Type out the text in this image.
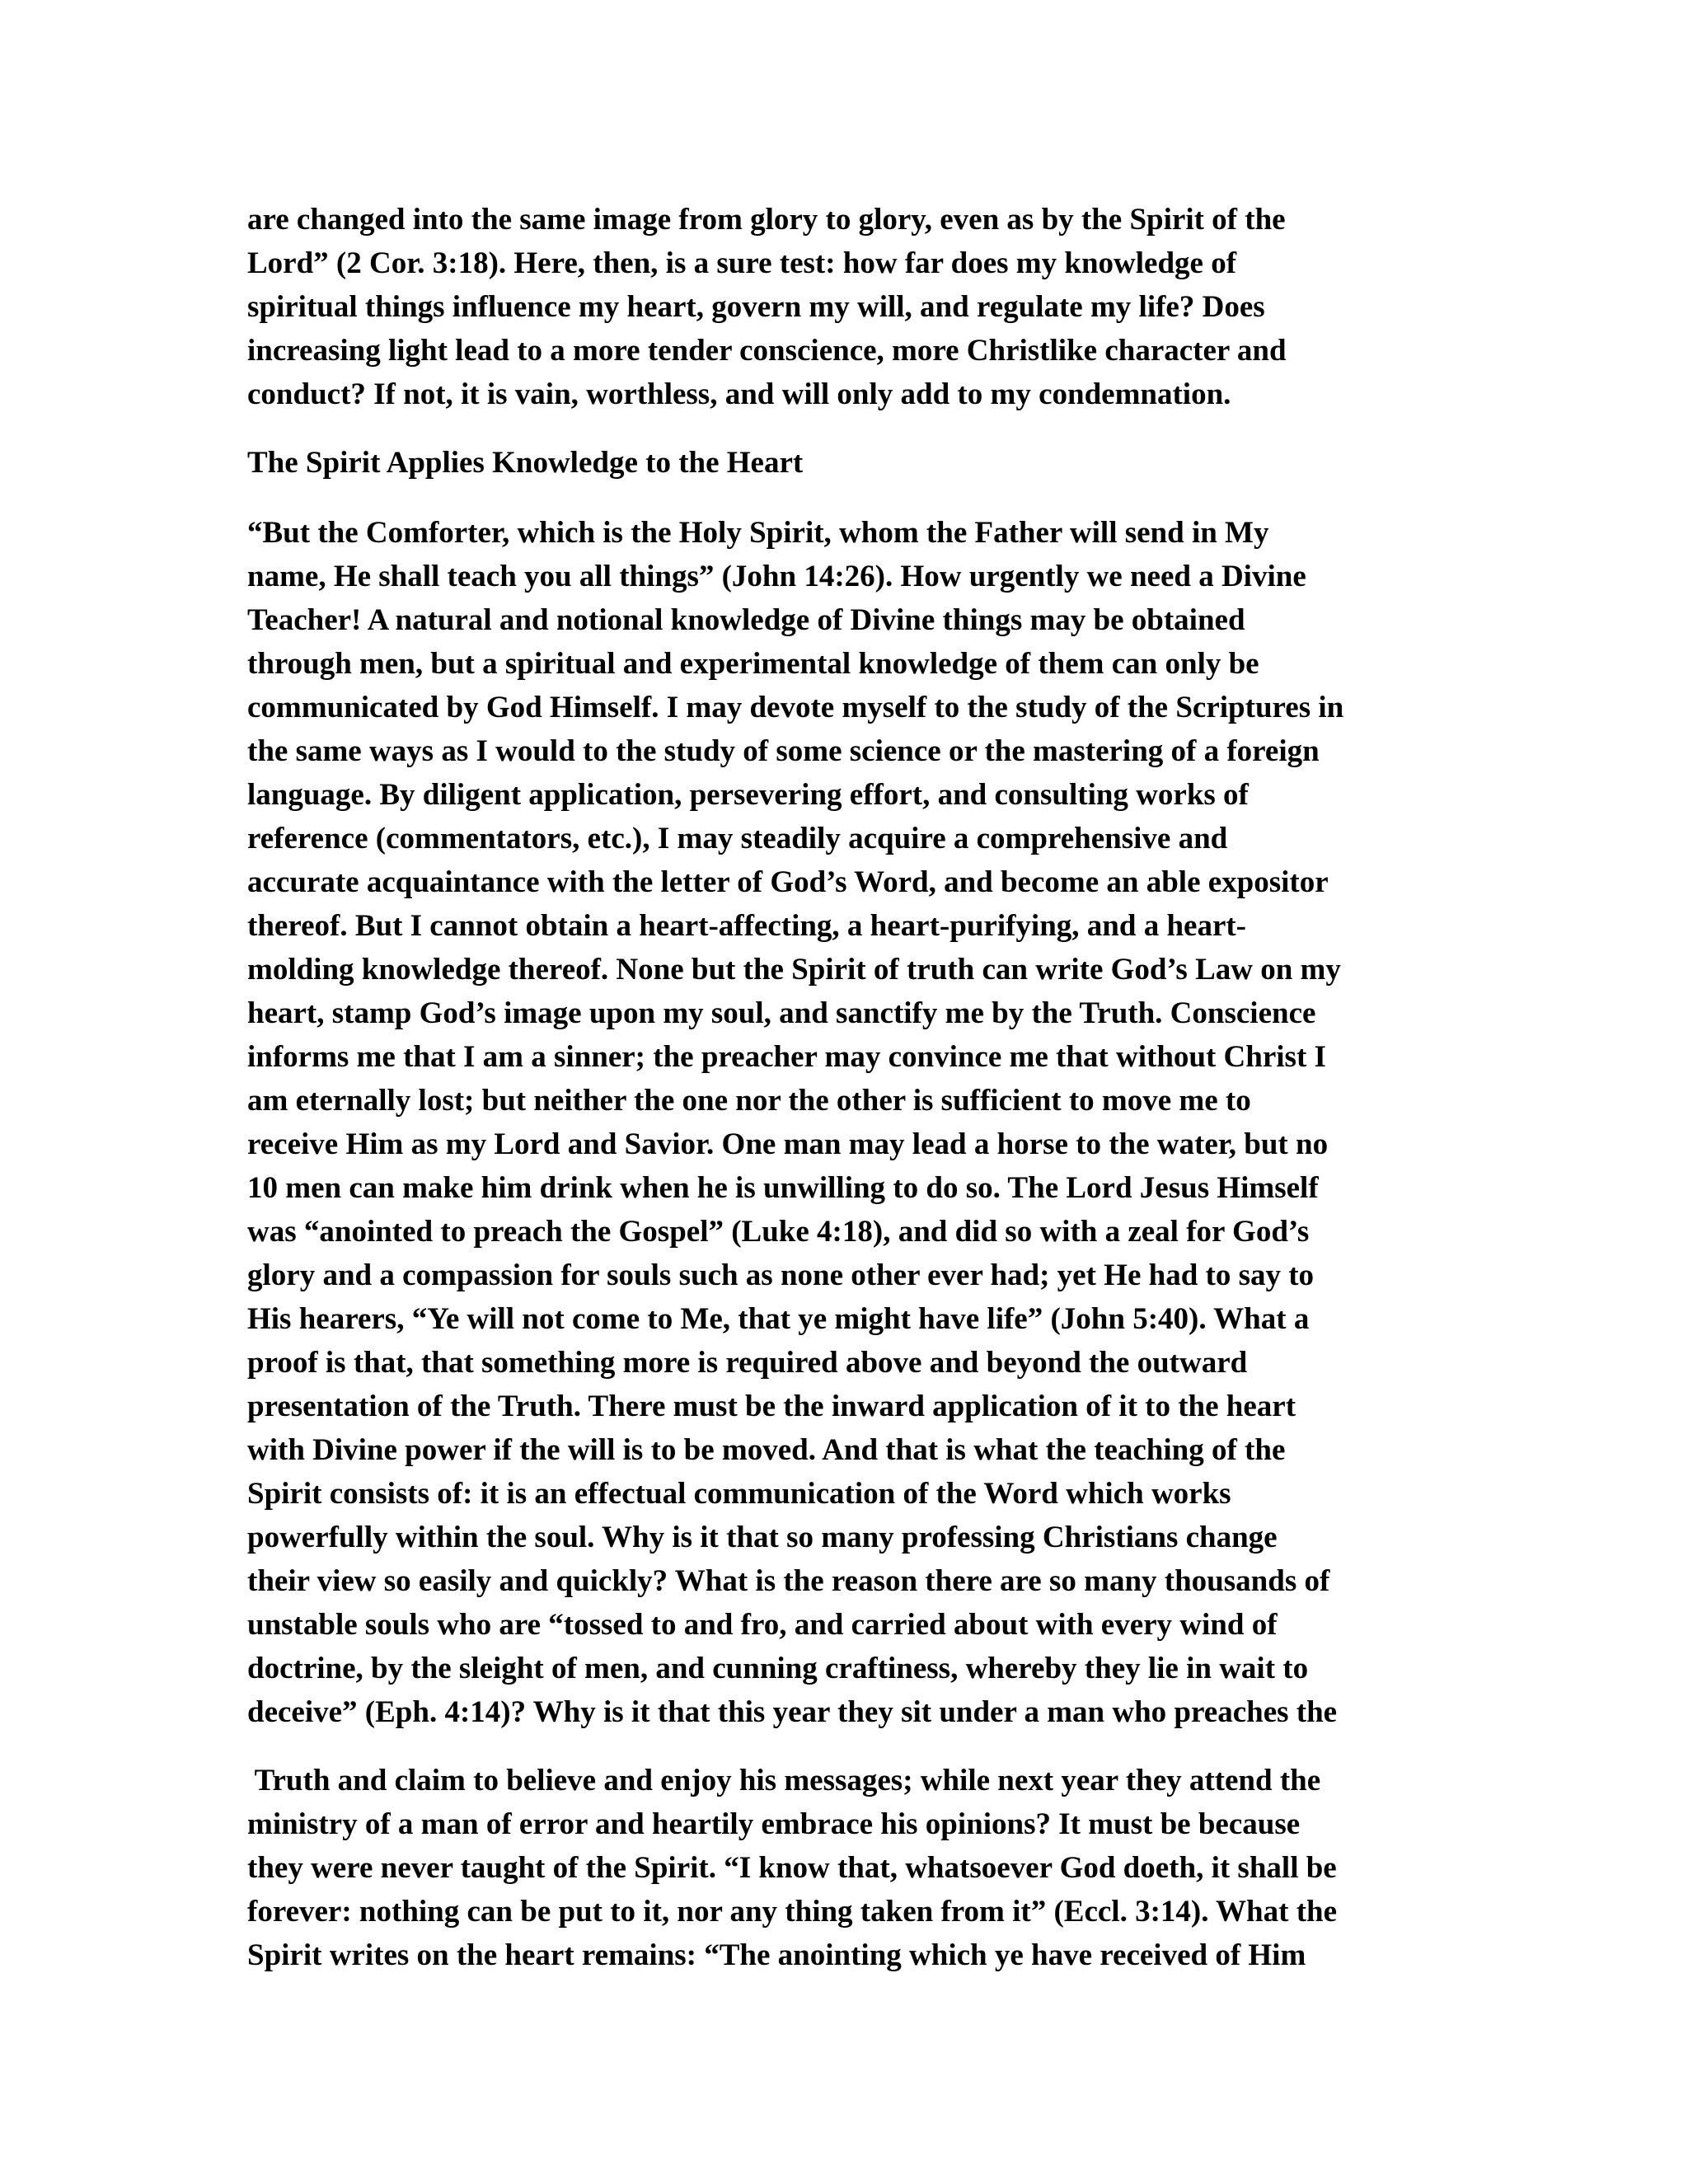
are changed into the same image from glory to glory, even as by the Spirit of the

Lord” (2 Cor. 3:18). Here, then, is a sure test: how far does my knowledge of

spiritual things influence my heart, govern my will, and regulate my life? Does

increasing light lead to a more tender conscience, more Christlike character and

conduct? If not, it is vain, worthless, and will only add to my condemnation.

The Spirit Applies Knowledge to the Heart

“But the Comforter, which is the Holy Spirit, whom the Father will send in My

name, He shall teach you all things” (John 14:26). How urgently we need a Divine

Teacher! A natural and notional knowledge of Divine things may be obtained

through men, but a spiritual and experimental knowledge of them can only be

communicated by God Himself. I may devote myself to the study of the Scriptures in

the same ways as I would to the study of some science or the mastering of a foreign

language. By diligent application, persevering effort, and consulting works of

reference (commentators, etc.), I may steadily acquire a comprehensive and

accurate acquaintance with the letter of God’s Word, and become an able expositor

thereof. But I cannot obtain a heart-affecting, a heart-purifying, and a heart-

molding knowledge thereof. None but the Spirit of truth can write God’s Law on my

heart, stamp God’s image upon my soul, and sanctify me by the Truth. Conscience

informs me that I am a sinner; the preacher may convince me that without Christ I

am eternally lost; but neither the one nor the other is sufficient to move me to

receive Him as my Lord and Savior. One man may lead a horse to the water, but no

10 men can make him drink when he is unwilling to do so. The Lord Jesus Himself

was “anointed to preach the Gospel” (Luke 4:18), and did so with a zeal for God’s

glory and a compassion for souls such as none other ever had; yet He had to say to

His hearers, “Ye will not come to Me, that ye might have life” (John 5:40). What a

proof is that, that something more is required above and beyond the outward

presentation of the Truth. There must be the inward application of it to the heart

with Divine power if the will is to be moved. And that is what the teaching of the

Spirit consists of: it is an effectual communication of the Word which works

powerfully within the soul. Why is it that so many professing Christians change

their view so easily and quickly? What is the reason there are so many thousands of

unstable souls who are “tossed to and fro, and carried about with every wind of

doctrine, by the sleight of men, and cunning craftiness, whereby they lie in wait to

deceive” (Eph. 4:14)? Why is it that this year they sit under a man who preaches the

Truth and claim to believe and enjoy his messages; while next year they attend the

ministry of a man of error and heartily embrace his opinions? It must be because

they were never taught of the Spirit. “I know that, whatsoever God doeth, it shall be

forever: nothing can be put to it, nor any thing taken from it” (Eccl. 3:14). What the

Spirit writes on the heart remains: “The anointing which ye have received of Him
